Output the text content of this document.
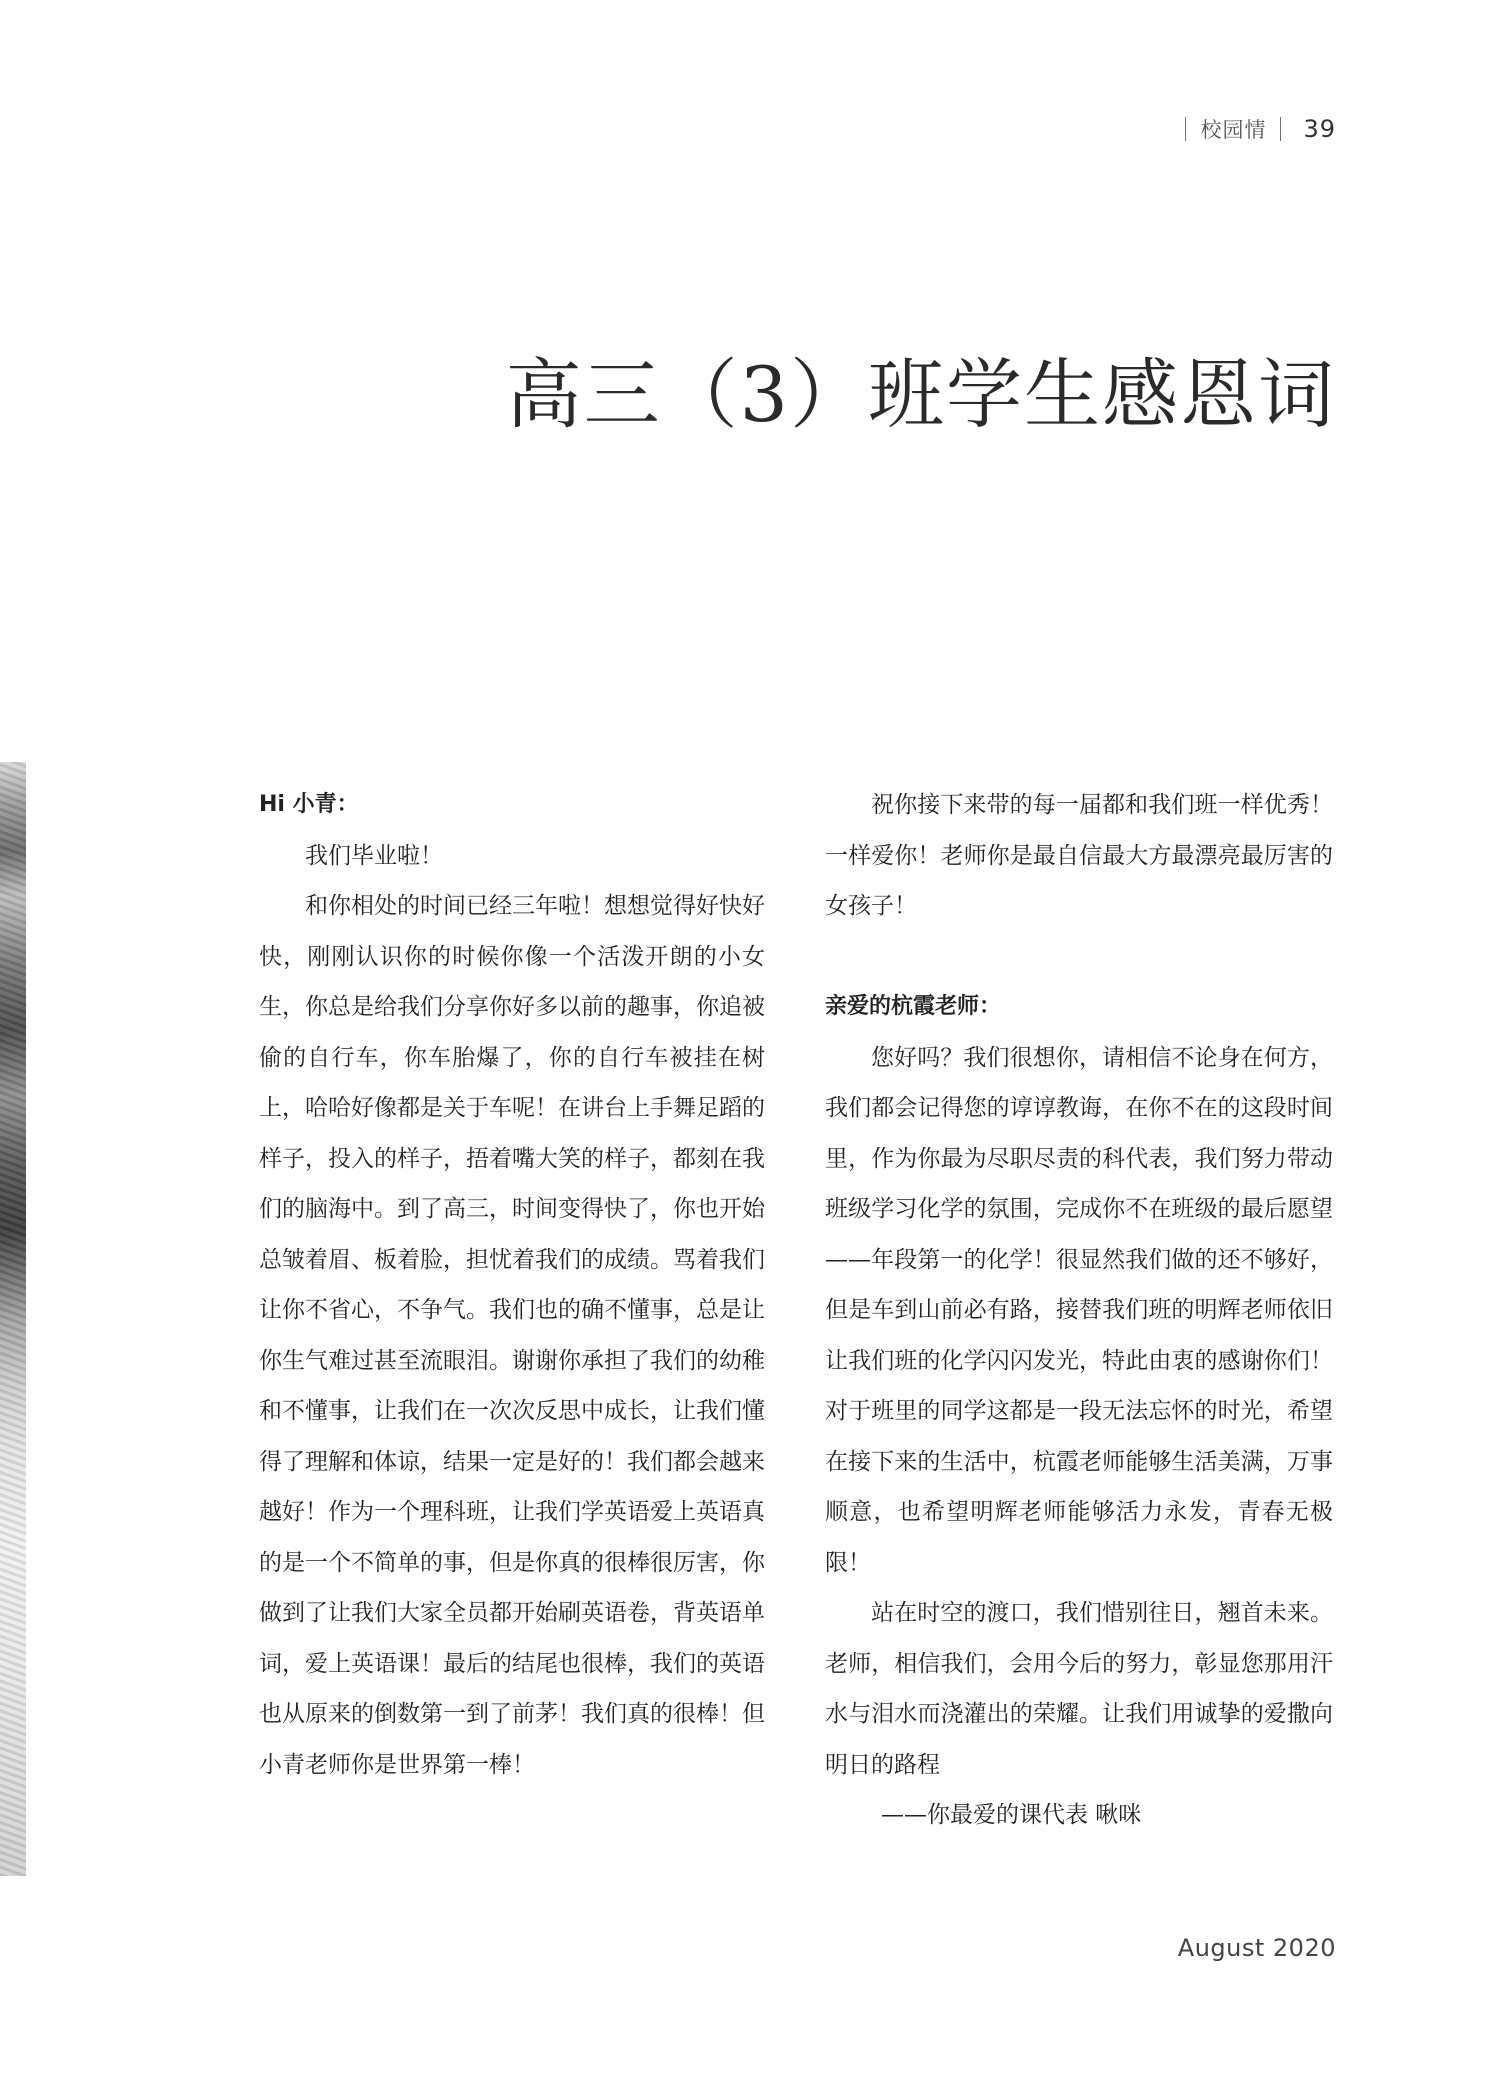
校园情 39
高三（3）班学生感恩词

Hi 小青：

我们毕业啦！

和你相处的时间已经三年啦！想想觉得好快好快，刚刚认识你的时候你像一个活泼开朗的小女生，你总是给我们分享你好多以前的趣事，你追被偷的自行车，你车胎爆了，你的自行车被挂在树上，哈哈好像都是关于车呢！在讲台上手舞足蹈的样子，投入的样子，捂着嘴大笑的样子，都刻在我们的脑海中。到了高三，时间变得快了，你也开始总皱着眉、板着脸，担忧着我们的成绩。骂着我们让你不省心，不争气。我们也的确不懂事，总是让你生气难过甚至流眼泪。谢谢你承担了我们的幼稚和不懂事，让我们在一次次反思中成长，让我们懂得了理解和体谅，结果一定是好的！我们都会越来越好！作为一个理科班，让我们学英语爱上英语真的是一个不简单的事，但是你真的很棒很厉害，你做到了让我们大家全员都开始刷英语卷，背英语单词，爱上英语课！最后的结尾也很棒，我们的英语也从原来的倒数第一到了前茅！我们真的很棒！但小青老师你是世界第一棒！

祝你接下来带的每一届都和我们班一样优秀！一样爱你！老师你是最自信最大方最漂亮最厉害的女孩子！

亲爱的杭霞老师：

您好吗？我们很想你，请相信不论身在何方，我们都会记得您的谆谆教诲，在你不在的这段时间里，作为你最为尽职尽责的科代表，我们努力带动班级学习化学的氛围，完成你不在班级的最后愿望——年段第一的化学！很显然我们做的还不够好，但是车到山前必有路，接替我们班的明辉老师依旧让我们班的化学闪闪发光，特此由衷的感谢你们！对于班里的同学这都是一段无法忘怀的时光，希望在接下来的生活中，杭霞老师能够生活美满，万事顺意，也希望明辉老师能够活力永发，青春无极限！

站在时空的渡口，我们惜别往日，翘首未来。老师，相信我们，会用今后的努力，彰显您那用汗水与泪水而浇灌出的荣耀。让我们用诚挚的爱撒向明日的路程

——你最爱的课代表 啾咪

August 2020
